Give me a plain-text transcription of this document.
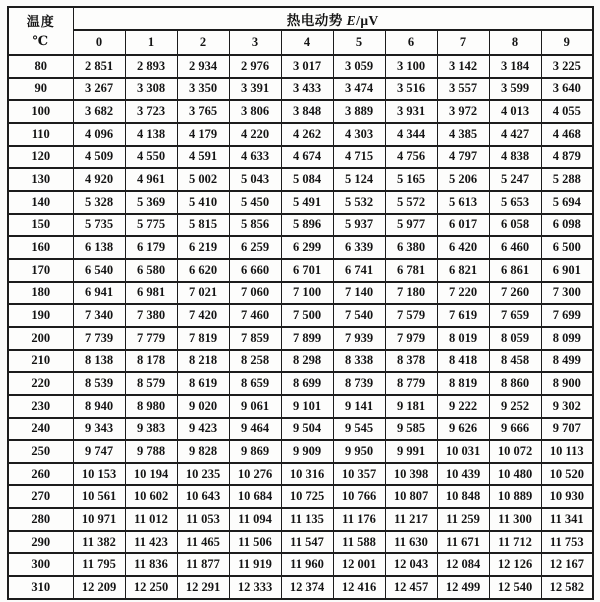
温度
℃	热电动势 E/μV									
	0	1	2	3	4	5	6	7	8	9
80	2 851	2 893	2 934	2 976	3 017	3 059	3 100	3 142	3 184	3 225
90	3 267	3 308	3 350	3 391	3 433	3 474	3 516	3 557	3 599	3 640
100	3 682	3 723	3 765	3 806	3 848	3 889	3 931	3 972	4 013	4 055
110	4 096	4 138	4 179	4 220	4 262	4 303	4 344	4 385	4 427	4 468
120	4 509	4 550	4 591	4 633	4 674	4 715	4 756	4 797	4 838	4 879
130	4 920	4 961	5 002	5 043	5 084	5 124	5 165	5 206	5 247	5 288
140	5 328	5 369	5 410	5 450	5 491	5 532	5 572	5 613	5 653	5 694
150	5 735	5 775	5 815	5 856	5 896	5 937	5 977	6 017	6 058	6 098
160	6 138	6 179	6 219	6 259	6 299	6 339	6 380	6 420	6 460	6 500
170	6 540	6 580	6 620	6 660	6 701	6 741	6 781	6 821	6 861	6 901
180	6 941	6 981	7 021	7 060	7 100	7 140	7 180	7 220	7 260	7 300
190	7 340	7 380	7 420	7 460	7 500	7 540	7 579	7 619	7 659	7 699
200	7 739	7 779	7 819	7 859	7 899	7 939	7 979	8 019	8 059	8 099
210	8 138	8 178	8 218	8 258	8 298	8 338	8 378	8 418	8 458	8 499
220	8 539	8 579	8 619	8 659	8 699	8 739	8 779	8 819	8 860	8 900
230	8 940	8 980	9 020	9 061	9 101	9 141	9 181	9 222	9 252	9 302
240	9 343	9 383	9 423	9 464	9 504	9 545	9 585	9 626	9 666	9 707
250	9 747	9 788	9 828	9 869	9 909	9 950	9 991	10 031	10 072	10 113
260	10 153	10 194	10 235	10 276	10 316	10 357	10 398	10 439	10 480	10 520
270	10 561	10 602	10 643	10 684	10 725	10 766	10 807	10 848	10 889	10 930
280	10 971	11 012	11 053	11 094	11 135	11 176	11 217	11 259	11 300	11 341
290	11 382	11 423	11 465	11 506	11 547	11 588	11 630	11 671	11 712	11 753
300	11 795	11 836	11 877	11 919	11 960	12 001	12 043	12 084	12 126	12 167
310	12 209	12 250	12 291	12 333	12 374	12 416	12 457	12 499	12 540	12 582
